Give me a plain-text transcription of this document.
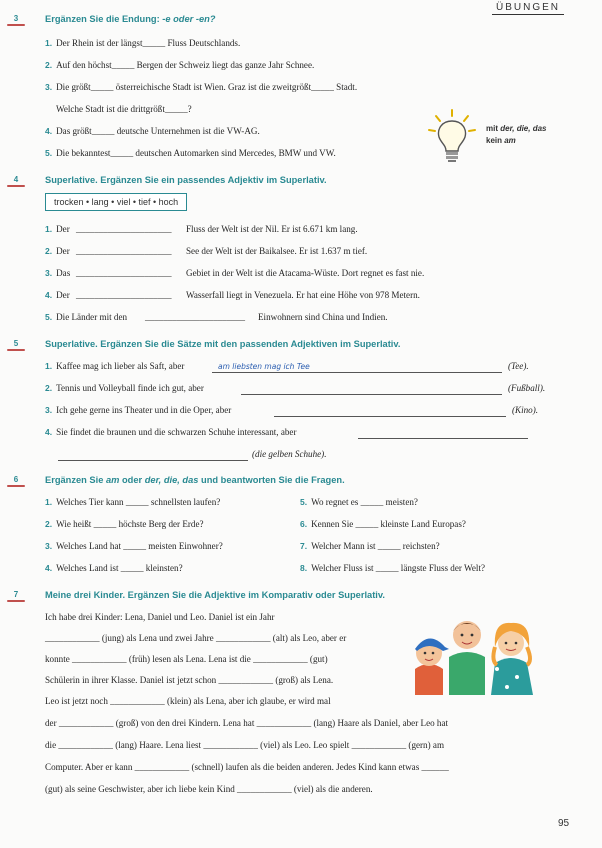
ÜBUNGEN
3	Ergänzen Sie die Endung: -e oder -en?
1. Der Rhein ist der längst_____ Fluss Deutschlands.
2. Auf den höchst_____ Bergen der Schweiz liegt das ganze Jahr Schnee.
3. Die größt_____ österreichische Stadt ist Wien. Graz ist die zweitgrößt_____ Stadt.
Welche Stadt ist die drittgrößt_____?
4. Das größt_____ deutsche Unternehmen ist die VW-AG.
5. Die bekanntest_____ deutschen Automarken sind Mercedes, BMW und VW.
mit der, die, das
kein am
4	Superlative. Ergänzen Sie ein passendes Adjektiv im Superlativ.
trocken • lang • viel • tief • hoch
1. Der _____________________ Fluss der Welt ist der Nil. Er ist 6.671 km lang.
2. Der _____________________ See der Welt ist der Baikalsee. Er ist 1.637 m tief.
3. Das _____________________ Gebiet in der Welt ist die Atacama-Wüste. Dort regnet es fast nie.
4. Der _____________________ Wasserfall liegt in Venezuela. Er hat eine Höhe von 978 Metern.
5. Die Länder mit den ______________________ Einwohnern sind China und Indien.
5	Superlative. Ergänzen Sie die Sätze mit den passenden Adjektiven im Superlativ.
1. Kaffee mag ich lieber als Saft, aber	am liebsten mag ich Tee	(Tee).
2. Tennis und Volleyball finde ich gut, aber	(Fußball).
3. Ich gehe gerne ins Theater und in die Oper, aber	(Kino).
4. Sie findet die braunen und die schwarzen Schuhe interessant, aber
(die gelben Schuhe).
6	Ergänzen Sie am oder der, die, das und beantworten Sie die Fragen.
1. Welches Tier kann _____ schnellsten laufen?
2. Wie heißt _____ höchste Berg der Erde?
3. Welches Land hat _____ meisten Einwohner?
4. Welches Land ist _____ kleinsten?
5. Wo regnet es _____ meisten?
6. Kennen Sie _____ kleinste Land Europas?
7. Welcher Mann ist _____ reichsten?
8. Welcher Fluss ist _____ längste Fluss der Welt?
7	Meine drei Kinder. Ergänzen Sie die Adjektive im Komparativ oder Superlativ.
Ich habe drei Kinder: Lena, Daniel und Leo. Daniel ist ein Jahr
____________ (jung) als Lena und zwei Jahre ____________ (alt) als Leo, aber er
konnte ____________ (früh) lesen als Lena. Lena ist die ____________ (gut)
Schülerin in ihrer Klasse. Daniel ist jetzt schon ____________ (groß) als Lena.
Leo ist jetzt noch ____________ (klein) als Lena, aber ich glaube, er wird mal
der ____________ (groß) von den drei Kindern. Lena hat ____________ (lang) Haare als Daniel, aber Leo hat
die ____________ (lang) Haare. Lena liest ____________ (viel) als Leo. Leo spielt ____________ (gern) am
Computer. Aber er kann ____________ (schnell) laufen als die beiden anderen. Jedes Kind kann etwas ______
(gut) als seine Geschwister, aber ich liebe kein Kind ____________ (viel) als die anderen.
95
